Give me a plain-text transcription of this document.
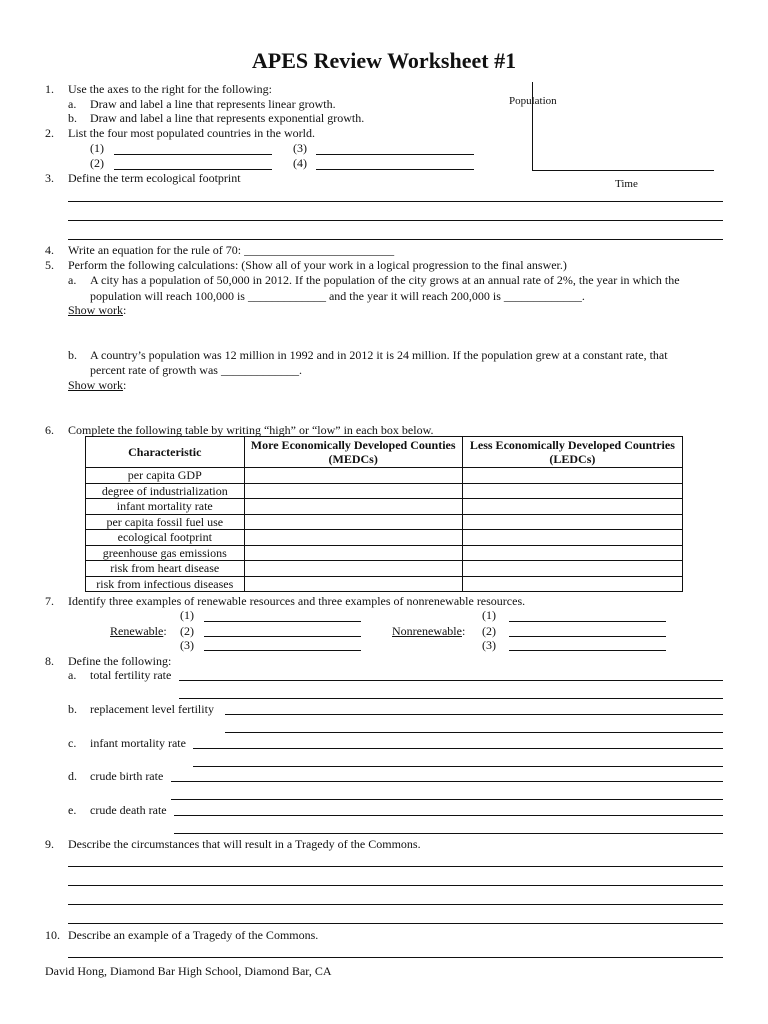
APES Review Worksheet #1
Population
Time
1. Use the axes to the right for the following:
a. Draw and label a line that represents linear growth.
b. Draw and label a line that represents exponential growth.
2. List the four most populated countries in the world.
(1)	(3)
(2)	(4)
3. Define the term ecological footprint
4. Write an equation for the rule of 70: _________________________
5. Perform the following calculations: (Show all of your work in a logical progression to the final answer.)
a. A city has a population of 50,000 in 2012. If the population of the city grows at an annual rate of 2%, the year in which the
population will reach 100,000 is _____________ and the year it will reach 200,000 is _____________.
Show work:
b. A country’s population was 12 million in 1992 and in 2012 it is 24 million. If the population grew at a constant rate, that
percent rate of growth was _____________.
Show work:
6. Complete the following table by writing “high” or “low” in each box below.
Characteristic	More Economically Developed Counties (MEDCs)	Less Economically Developed Countries (LEDCs)
per capita GDP		
degree of industrialization		
infant mortality rate		
per capita fossil fuel use		
ecological footprint		
greenhouse gas emissions		
risk from heart disease		
risk from infectious diseases		
7. Identify three examples of renewable resources and three examples of nonrenewable resources.
(1)
Renewable: (2)
(3)
(1)
Nonrenewable: (2)
(3)
8. Define the following:
a. total fertility rate
b. replacement level fertility
c. infant mortality rate
d. crude birth rate
e. crude death rate
9. Describe the circumstances that will result in a Tragedy of the Commons.
10. Describe an example of a Tragedy of the Commons.
David Hong, Diamond Bar High School, Diamond Bar, CA
